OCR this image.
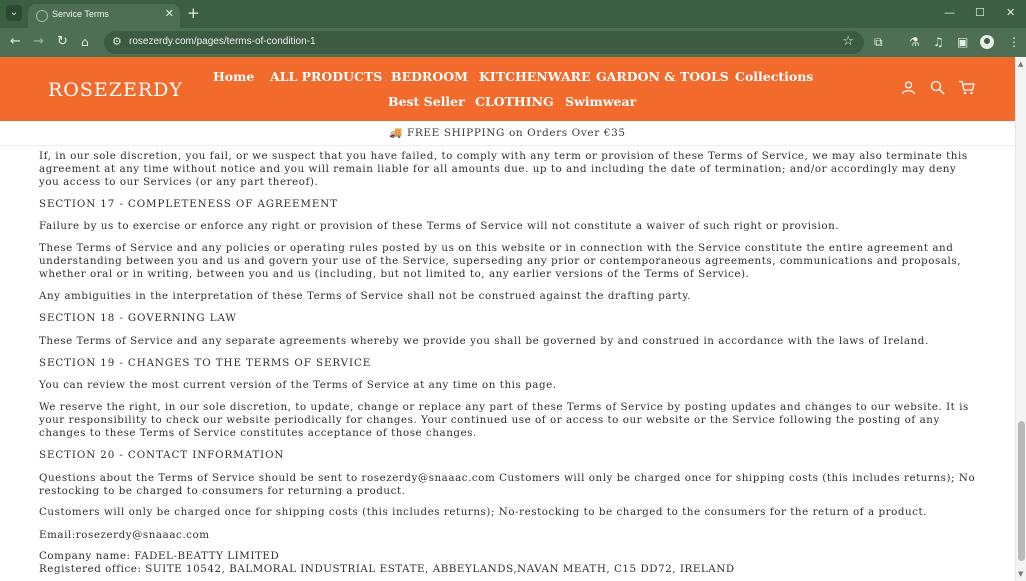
⌄	Service Terms	✕ +	— ☐ ✕
← → ↻ ⌂ ⚙ rosezerdy.com/pages/terms-of-condition-1	☆ ⧉ ⚗ ♫ ▣	⋮
ROSEZERDY
Home ALL PRODUCTS BEDROOM KITCHENWARE GARDON & TOOLS Collections
Best Seller CLOTHING Swimwear
🚚 FREE SHIPPING on Orders Over €35

If, in our sole discretion, you fail, or we suspect that you have failed, to comply with any term or provision of these Terms of Service, we may also terminate this agreement at any time without notice and you will remain liable for all amounts due. up to and including the date of termination; and/or accordingly may deny you access to our Services (or any part thereof).

SECTION 17 - COMPLETENESS OF AGREEMENT

Failure by us to exercise or enforce any right or provision of these Terms of Service will not constitute a waiver of such right or provision.

These Terms of Service and any policies or operating rules posted by us on this website or in connection with the Service constitute the entire agreement and understanding between you and us and govern your use of the Service, superseding any prior or contemporaneous agreements, communications and proposals, whether oral or in writing, between you and us (including, but not limited to, any earlier versions of the Terms of Service).

Any ambiguities in the interpretation of these Terms of Service shall not be construed against the drafting party.

SECTION 18 - GOVERNING LAW

These Terms of Service and any separate agreements whereby we provide you shall be governed by and construed in accordance with the laws of Ireland.

SECTION 19 - CHANGES TO THE TERMS OF SERVICE

You can review the most current version of the Terms of Service at any time on this page.

We reserve the right, in our sole discretion, to update, change or replace any part of these Terms of Service by posting updates and changes to our website. It is your responsibility to check our website periodically for changes. Your continued use of or access to our website or the Service following the posting of any changes to these Terms of Service constitutes acceptance of those changes.

SECTION 20 - CONTACT INFORMATION

Questions about the Terms of Service should be sent to rosezerdy@snaaac.com Customers will only be charged once for shipping costs (this includes returns); No restocking to be charged to consumers for returning a product.

Customers will only be charged once for shipping costs (this includes returns); No-restocking to be charged to the consumers for the return of a product.

Email:rosezerdy@snaaac.com

Company name: FADEL-BEATTY LIMITED

Registered office: SUITE 10542, BALMORAL INDUSTRIAL ESTATE, ABBEYLANDS,NAVAN MEATH, C15 DD72, IRELAND

▲
▼
